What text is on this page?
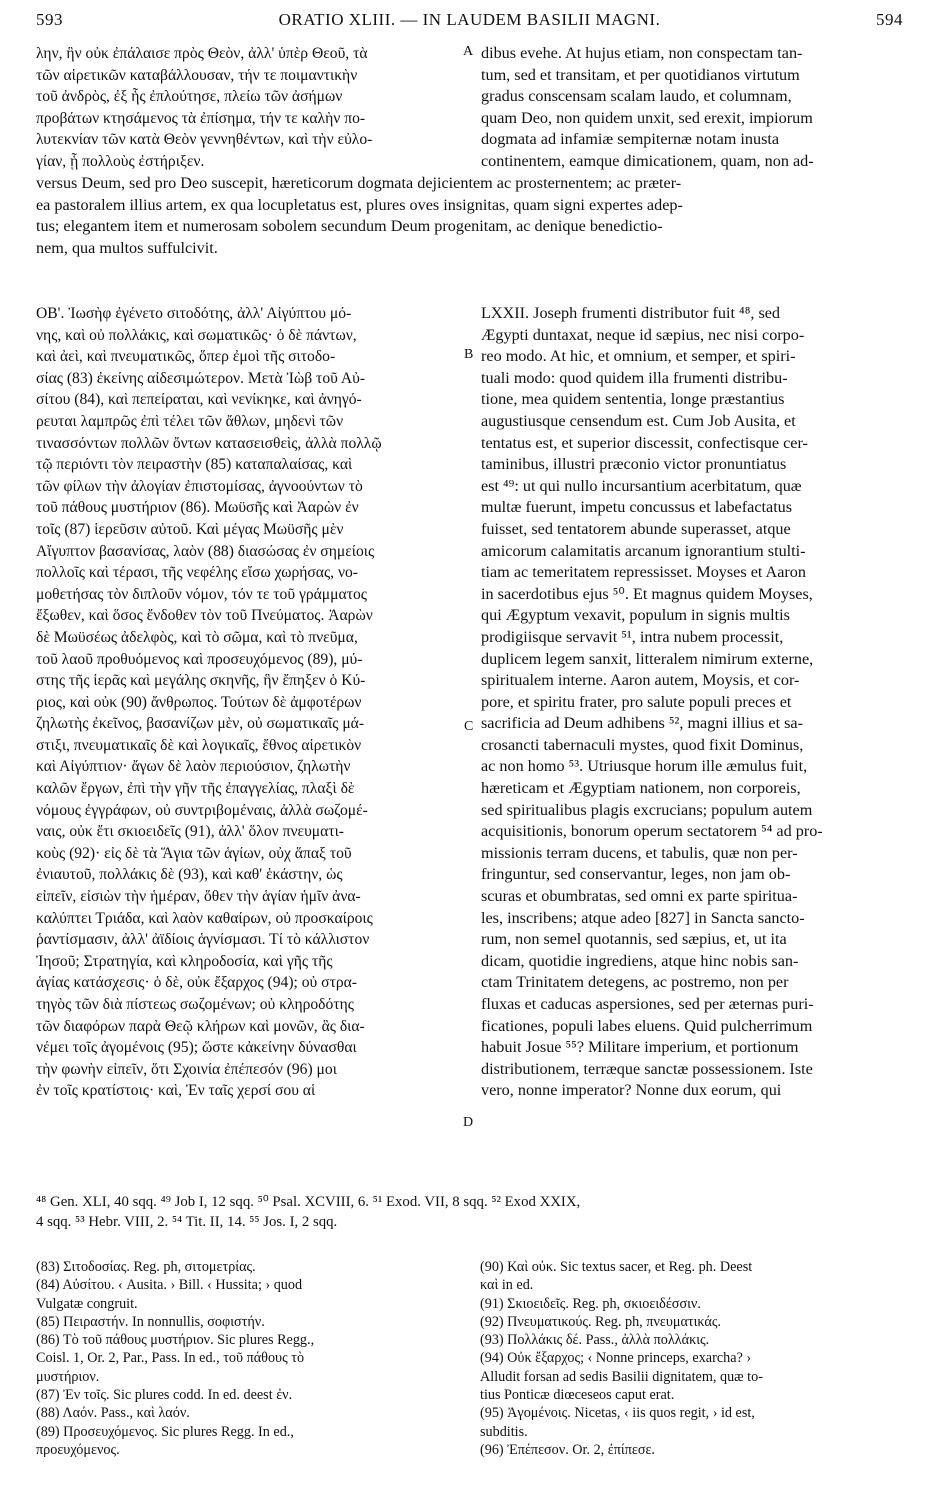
593	ORATIO XLIII. — IN LAUDEM BASILII MAGNI.	594
λην, ἣν οὐκ ἐπάλαισε πρὸς Θεὸν, ἀλλ' ὑπὲρ Θεοῦ, τὰ
τῶν αἱρετικῶν καταβάλλουσαν, τήν τε ποιμαντικὴν
τοῦ ἀνδρὸς, ἐξ ἧς ἐπλούτησε, πλείω τῶν ἀσήμων
προβάτων κτησάμενος τὰ ἐπίσημα, τήν τε καλὴν πο-
λυτεκνίαν τῶν κατὰ Θεὸν γεννηθέντων, καὶ τὴν εὐλο-
γίαν, ᾗ πολλοὺς ἐστήριξεν.
A dibus evehe. At hujus etiam, non conspectam tan-
tum, sed et transitam, et per quotidianos virtutum
gradus conscensam scalam laudo, et columnam,
quam Deo, non quidem unxit, sed erexit, impiorum
dogmata ad infamiæ sempiternæ notam inusta
continentem, eamque dimicationem, quam, non ad-
versus Deum, sed pro Deo suscepit, hæreticorum dogmata dejicientem ac prosternentem; ac præter-
ea pastoralem illius artem, ex qua locupletatus est, plures oves insignitas, quam signi expertes adep-
tus; elegantem item et numerosam sobolem secundum Deum progenitam, ac denique benedictio-
nem, qua multos suffulcivit.
ΟΒ'. Ἰωσὴφ ἐγένετο σιτοδότης, ἀλλ' Αἰγύπτου μό-
νης, καὶ οὐ πολλάκις, καὶ σωματικῶς· ὁ δὲ πάντων,
καὶ ἀεὶ, καὶ πνευματικῶς, ὅπερ ἐμοὶ τῆς σιτοδο-
σίας (83) ἐκείνης αἰδεσιμώτερον. Μετὰ Ἰὼβ τοῦ Αὐ-
σίτου (84), καὶ πεπείραται, καὶ νενίκηκε, καὶ ἀνηγό-
ρευται λαμπρῶς ἐπὶ τέλει τῶν ἄθλων, μηδενὶ τῶν
τινασσόντων πολλῶν ὄντων κατασεισθεὶς, ἀλλὰ πολλῷ
τῷ περιόντι τὸν πειραστὴν (85) καταπαλαίσας, καὶ
τῶν φίλων τὴν ἀλογίαν ἐπιστομίσας, ἀγνοούντων τὸ
τοῦ πάθους μυστήριον (86). Μωϋσῆς καὶ Ἀαρὼν ἐν
τοῖς (87) ἱερεῦσιν αὐτοῦ. Καὶ μέγας Μωϋσῆς μὲν
Αἴγυπτον βασανίσας, λαὸν (88) διασώσας ἐν σημείοις
πολλοῖς καὶ τέρασι, τῆς νεφέλης εἴσω χωρήσας, νο-
μοθετήσας τὸν διπλοῦν νόμον, τόν τε τοῦ γράμματος
ἔξωθεν, καὶ ὅσος ἔνδοθεν τὸν τοῦ Πνεύματος. Ἀαρὼν
δὲ Μωϋσέως ἀδελφὸς, καὶ τὸ σῶμα, καὶ τὸ πνεῦμα,
τοῦ λαοῦ προθυόμενος καὶ προσευχόμενος (89), μύ-
στης τῆς ἱερᾶς καὶ μεγάλης σκηνῆς, ἣν ἔπηξεν ὁ Κύ-
ριος, καὶ οὐκ (90) ἄνθρωπος. Τούτων δὲ ἀμφοτέρων
ζηλωτὴς ἐκεῖνος, βασανίζων μὲν, οὐ σωματικαῖς μά-
στιξι, πνευματικαῖς δὲ καὶ λογικαῖς, ἔθνος αἱρετικὸν
καὶ Αἰγύπτιον· ἄγων δὲ λαὸν περιούσιον, ζηλωτὴν
καλῶν ἔργων, ἐπὶ τὴν γῆν τῆς ἐπαγγελίας, πλαξὶ δὲ
νόμους ἐγγράφων, οὐ συντριβομέναις, ἀλλὰ σωζομέ-
ναις, οὐκ ἔτι σκιοειδεῖς (91), ἀλλ' ὅλον πνευματι-
κοὺς (92)· εἰς δὲ τὰ Ἅγια τῶν ἁγίων, οὐχ ἅπαξ τοῦ
ἐνιαυτοῦ, πολλάκις δὲ (93), καὶ καθ' ἑκάστην, ὡς
εἰπεῖν, εἰσιὼν τὴν ἡμέραν, ὅθεν τὴν ἁγίαν ἡμῖν ἀνα-
καλύπτει Τριάδα, καὶ λαὸν καθαίρων, οὐ προσκαίροις
ῥαντίσμασιν, ἀλλ' ἀϊδίοις ἁγνίσμασι. Τί τὸ κάλλιστον
Ἰησοῦ; Στρατηγία, καὶ κληροδοσία, καὶ γῆς τῆς
ἁγίας κατάσχεσις· ὁ δὲ, οὐκ ἔξαρχος (94); οὐ στρα-
τηγὸς τῶν διὰ πίστεως σωζομένων; οὐ κληροδότης
τῶν διαφόρων παρὰ Θεῷ κλήρων καὶ μονῶν, ἃς δια-
νέμει τοῖς ἀγομένοις (95); ὥστε κἀκείνην δύνασθαι
τὴν φωνὴν εἰπεῖν, ὅτι Σχοινία ἐπέπεσόν (96) μοι
ἐν τοῖς κρατίστοις· καὶ, Ἐν ταῖς χερσί σου αἱ
B
C
D
LXXII. Joseph frumenti distributor fuit ⁴⁸, sed
Ægypti duntaxat, neque id sæpius, nec nisi corpo-
reo modo. At hic, et omnium, et semper, et spiri-
tuali modo: quod quidem illa frumenti distribu-
tione, mea quidem sententia, longe præstantius
augustiusque censendum est. Cum Job Ausita, et
tentatus est, et superior discessit, confectisque cer-
taminibus, illustri præconio victor pronuntiatus
est ⁴⁹: ut qui nullo incursantium acerbitatum, quæ
multæ fuerunt, impetu concussus et labefactatus
fuisset, sed tentatorem abunde superasset, atque
amicorum calamitatis arcanum ignorantium stulti-
tiam ac temeritatem repressisset. Moyses et Aaron
in sacerdotibus ejus ⁵⁰. Et magnus quidem Moyses,
qui Ægyptum vexavit, populum in signis multis
prodigiisque servavit ⁵¹, intra nubem processit,
duplicem legem sanxit, litteralem nimirum externe,
spiritualem interne. Aaron autem, Moysis, et cor-
pore, et spiritu frater, pro salute populi preces et
sacrificia ad Deum adhibens ⁵², magni illius et sa-
crosancti tabernaculi mystes, quod fixit Dominus,
ac non homo ⁵³. Utriusque horum ille æmulus fuit,
hæreticam et Ægyptiam nationem, non corporeis,
sed spiritualibus plagis excrucians; populum autem
acquisitionis, bonorum operum sectatorem ⁵⁴ ad pro-
missionis terram ducens, et tabulis, quæ non per-
fringuntur, sed conservantur, leges, non jam ob-
scuras et obumbratas, sed omni ex parte spiritua-
les, inscribens; atque adeo [827] in Sancta sancto-
rum, non semel quotannis, sed sæpius, et, ut ita
dicam, quotidie ingrediens, atque hinc nobis san-
ctam Trinitatem detegens, ac postremo, non per
fluxas et caducas aspersiones, sed per æternas puri-
ficationes, populi labes eluens. Quid pulcherrimum
habuit Josue ⁵⁵? Militare imperium, et portionum
distributionem, terræque sanctæ possessionem. Iste
vero, nonne imperator? Nonne dux eorum, qui
⁴⁸ Gen. XLI, 40 sqq. ⁴⁹ Job I, 12 sqq. ⁵⁰ Psal. XCVIII, 6. ⁵¹ Exod. VII, 8 sqq. ⁵² Exod XXIX,
4 sqq. ⁵³ Hebr. VIII, 2. ⁵⁴ Tit. II, 14. ⁵⁵ Jos. I, 2 sqq.
(83) Σιτοδοσίας. Reg. ph, σιτομετρίας.
(84) Αὐσίτου. ‹ Ausita. › Bill. ‹ Hussita; › quod
Vulgatæ congruit.
(85) Πειραστήν. In nonnullis, σοφιστήν.
(86) Τὸ τοῦ πάθους μυστήριον. Sic plures Regg.,
Coisl. 1, Or. 2, Par., Pass. In ed., τοῦ πάθους τὸ
μυστήριον.
(87) Ἐν τοῖς. Sic plures codd. In ed. deest ἐν.
(88) Λαόν. Pass., καὶ λαόν.
(89) Προσευχόμενος. Sic plures Regg. In ed.,
προευχόμενος.
(90) Καὶ οὐκ. Sic textus sacer, et Reg. ph. Deest
καὶ in ed.
(91) Σκιοειδεῖς. Reg. ph, σκιοειδέσσιν.
(92) Πνευματικούς. Reg. ph, πνευματικάς.
(93) Πολλάκις δέ. Pass., ἀλλὰ πολλάκις.
(94) Οὐκ ἔξαρχος; ‹ Nonne princeps, exarcha? ›
Alludit forsan ad sedis Basilii dignitatem, quæ to-
tius Ponticæ diœceseos caput erat.
(95) Ἀγομένοις. Nicetas, ‹ iis quos regit, › id est,
subditis.
(96) Ἐπέπεσον. Or. 2, ἐπίπεσε.
